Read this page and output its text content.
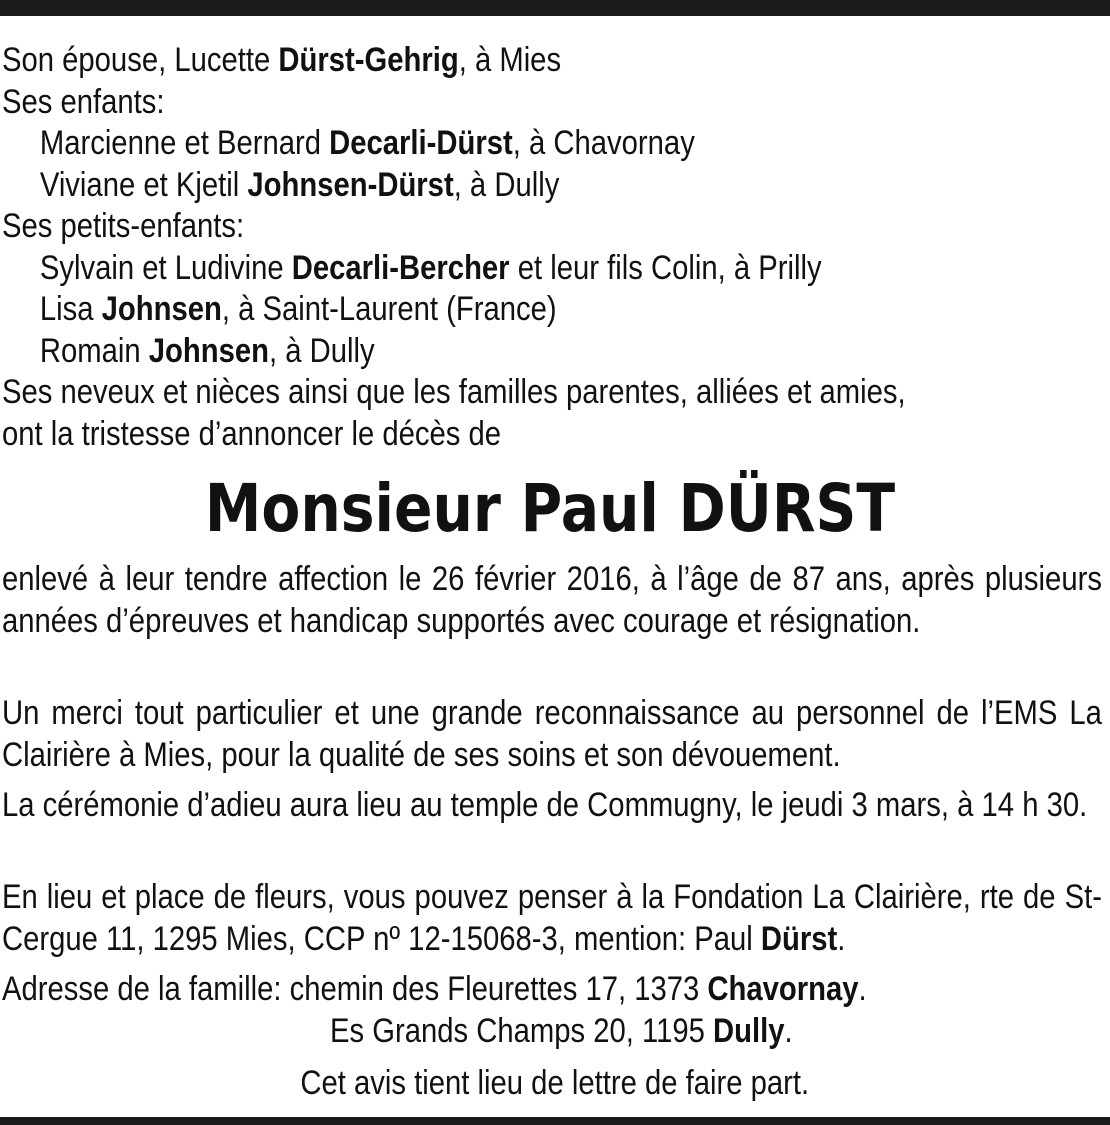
Son épouse, Lucette Dürst-Gehrig, à Mies
Ses enfants:
Marcienne et Bernard Decarli-Dürst, à Chavornay
Viviane et Kjetil Johnsen-Dürst, à Dully
Ses petits-enfants:
Sylvain et Ludivine Decarli-Bercher et leur fils Colin, à Prilly
Lisa Johnsen, à Saint-Laurent (France)
Romain Johnsen, à Dully
Ses neveux et nièces ainsi que les familles parentes, alliées et amies,
ont la tristesse d’annoncer le décès de
Monsieur Paul DÜRST
enlevé à leur tendre affection le 26 février 2016, à l’âge de 87 ans, après plusieurs années d’épreuves et handicap supportés avec courage et résignation.
Un merci tout particulier et une grande reconnaissance au personnel de l’EMS La Clairière à Mies, pour la qualité de ses soins et son dévouement.
La cérémonie d’adieu aura lieu au temple de Commugny, le jeudi 3 mars, à 14 h 30.
En lieu et place de fleurs, vous pouvez penser à la Fondation La Clairière, rte de St-Cergue 11, 1295 Mies, CCP nº 12-15068-3, mention: Paul Dürst.
Adresse de la famille: chemin des Fleurettes 17, 1373 Chavornay.
Es Grands Champs 20, 1195 Dully.
Cet avis tient lieu de lettre de faire part.
